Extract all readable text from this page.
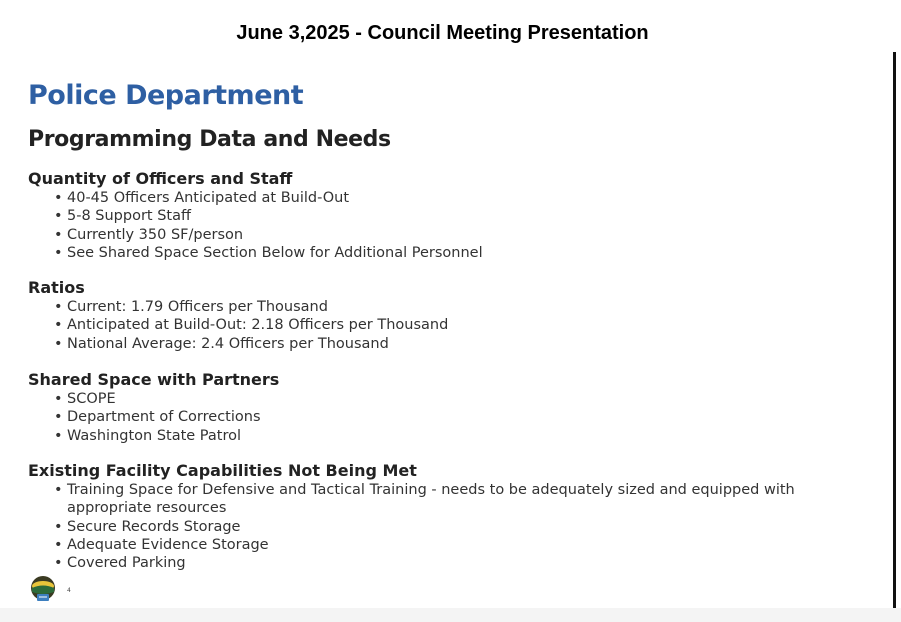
June 3,2025 - Council Meeting Presentation
Police Department
Programming Data and Needs
Quantity of Officers and Staff
• 40-45 Officers Anticipated at Build-Out
• 5-8 Support Staff
• Currently 350 SF/person
• See Shared Space Section Below for Additional Personnel
Ratios
• Current: 1.79 Officers per Thousand
• Anticipated at Build-Out: 2.18 Officers per Thousand
• National Average: 2.4 Officers per Thousand
Shared Space with Partners
• SCOPE
• Department of Corrections
• Washington State Patrol
Existing Facility Capabilities Not Being Met
• Training Space for Defensive and Tactical Training - needs to be adequately sized and equipped with appropriate resources
• Secure Records Storage
• Adequate Evidence Storage
• Covered Parking
4
